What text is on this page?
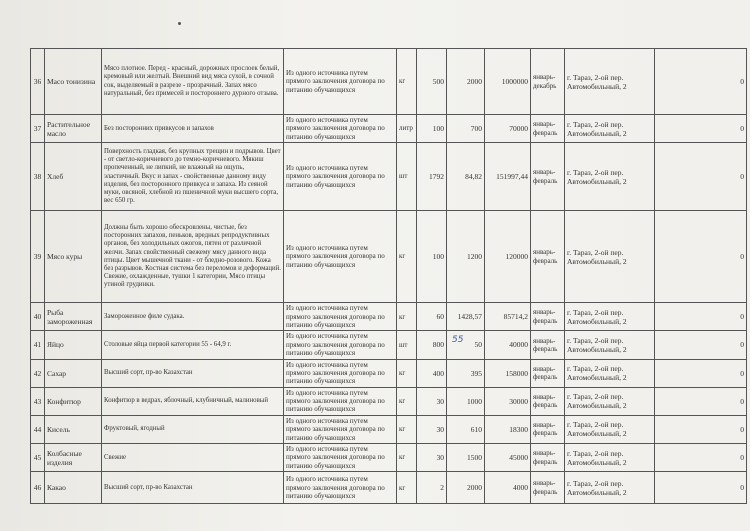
36	Масо тонизина	Мясо плотное. Перед - красный, дорожных прослоек белый, кремовый или желтый. Внешний вид мяса сухой, в сочной сок, выделяемый в разрезе - прозрачный. Запах мясо натуральный, без примесей и постороннего дурного отзыва.	Из одного источника путем прямого заключения договора по питанию обучающихся	кг	500	2000	1000000	январь-декабрь	г. Тараз, 2-ой пер. Автомобильный, 2	0
37	Растительное масло	Без посторонних привкусов и запахов	Из одного источника путем прямого заключения договора по питанию обучающихся	литр	100	700	70000	январь-февраль	г. Тараз, 2-ой пер. Автомобильный, 2	0
38	Хлеб	Поверхность гладкая, без крупных трещин и подрывов. Цвет - от светло-коричневого до темно-коричневого. Мякиш пропеченный, не липкий, не влажный на ощупь, эластичный. Вкус и запах - свойственные данному виду изделия, без посторонного привкуса и запаха. Из сеяной муки, овсяной, хлебной из пшеничной муки высшего сорта, вес 650 гр.	Из одного источника путем прямого заключения договора по питанию обучающихся	шт	1792	84,82	151997,44	январь-февраль	г. Тараз, 2-ой пер. Автомобильный, 2	0
39	Мясо куры	Должны быть хорошо обескровлены, чистые, без посторонних запахов, пеньков, вредных репродуктивных органов, без холодильных ожогов, пятен от различной желчи. Запах свойственный свежему мясу данного вида птицы. Цвет мышечной ткани - от бледно-розового. Кожа без разрывов. Костная система без переломов и деформаций. Свежие, охлажденные, тушки 1 категории, Мясо птицы утиной грудинки.	Из одного источника путем прямого заключения договора по питанию обучающихся	кг	100	1200	120000	январь-февраль	г. Тараз, 2-ой пер. Автомобильный, 2	0
40	Рыба замороженная	Замороженное филе судака.	Из одного источника путем прямого заключения договора по питанию обучающихся	кг	60	1428,57	85714,2	январь-февраль	г. Тараз, 2-ой пер. Автомобильный, 2	0
41	Яйцо	Столовые яйца первой категории 55 - 64,9 г.	Из одного источника путем прямого заключения договора по питанию обучающихся	шт	800	50	40000	январь-февраль	г. Тараз, 2-ой пер. Автомобильный, 2	0
42	Сахар	Высший сорт, пр-во Казахстан	Из одного источника путем прямого заключения договора по питанию обучающихся	кг	400	395	158000	январь-февраль	г. Тараз, 2-ой пер. Автомобильный, 2	0
43	Конфитюр	Конфитюр в ведрах, яблочный, клубничный, малиновый	Из одного источника путем прямого заключения договора по питанию обучающихся	кг	30	1000	30000	январь-февраль	г. Тараз, 2-ой пер. Автомобильный, 2	0
44	Кисель	Фруктовый, ягодный	Из одного источника путем прямого заключения договора по питанию обучающихся	кг	30	610	18300	январь-февраль	г. Тараз, 2-ой пер. Автомобильный, 2	0
45	Колбасные изделия	Свежие	Из одного источника путем прямого заключения договора по питанию обучающихся	кг	30	1500	45000	январь-февраль	г. Тараз, 2-ой пер. Автомобильный, 2	0
46	Какао	Высший сорт, пр-во Казахстан	Из одного источника путем прямого заключения договора по питанию обучающихся	кг	2	2000	4000	январь-февраль	г. Тараз, 2-ой пер. Автомобильный, 2	0
55
